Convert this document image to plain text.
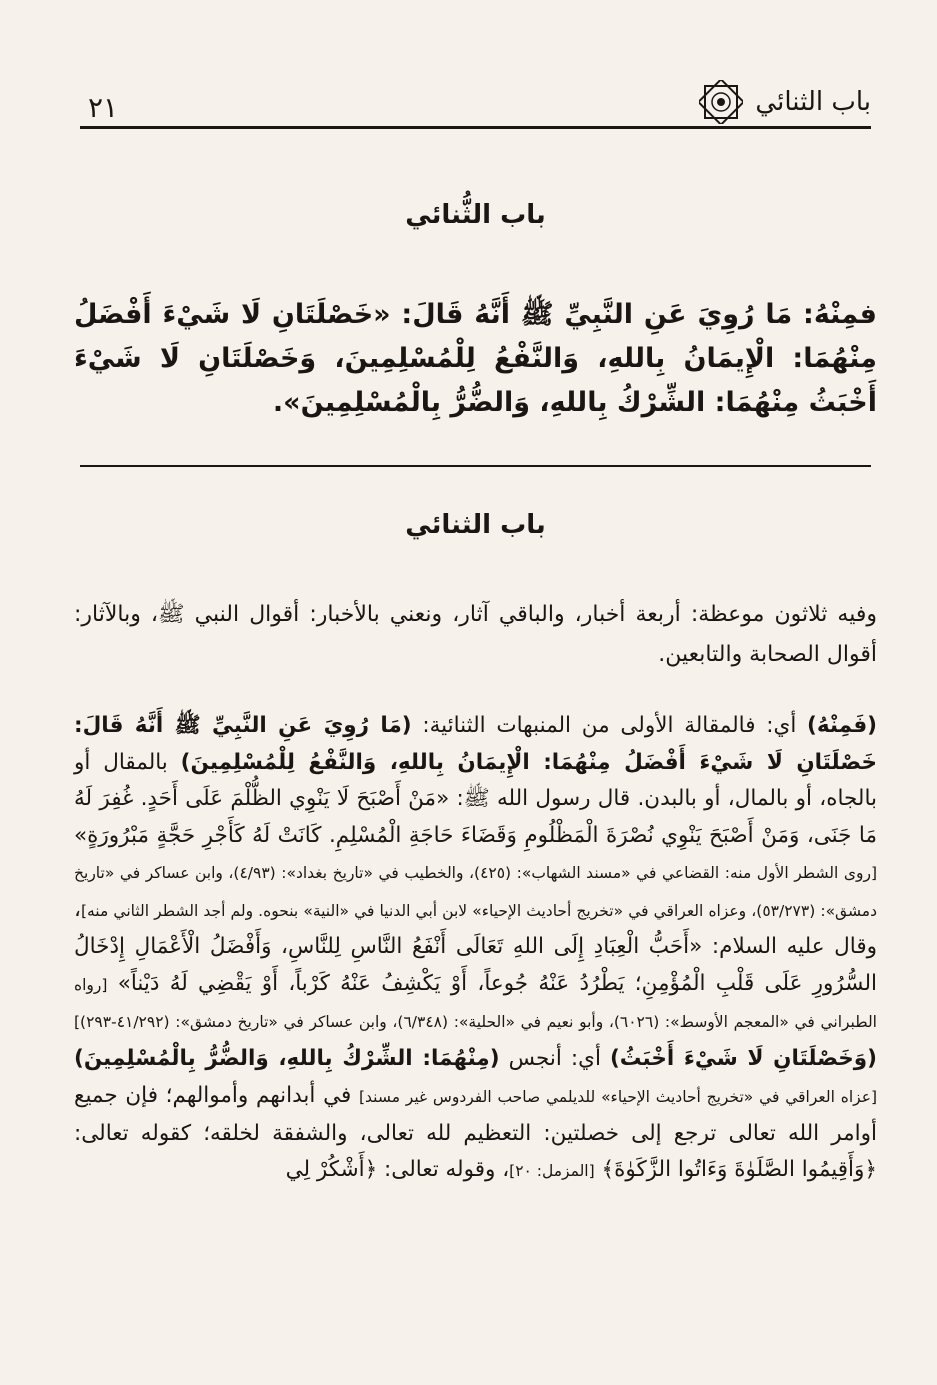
باب الثنائي
٢١
باب الثُّنائي
فمِنْهُ: مَا رُوِيَ عَنِ النَّبِيِّ ﷺ أَنَّهُ قَالَ: «خَصْلَتَانِ لَا شَيْءَ أَفْضَلُ مِنْهُمَا: الْإِيمَانُ بِاللهِ، وَالنَّفْعُ لِلْمُسْلِمِينَ، وَخَصْلَتَانِ لَا شَيْءَ أَخْبَثُ مِنْهُمَا: الشِّرْكُ بِاللهِ، وَالضُّرُّ بِالْمُسْلِمِينَ».
باب الثنائي
وفيه ثلاثون موعظة: أربعة أخبار، والباقي آثار، ونعني بالأخبار: أقوال النبي ﷺ، وبالآثار: أقوال الصحابة والتابعين.
(فَمِنْهُ) أي: فالمقالة الأولى من المنبهات الثنائية: (مَا رُوِيَ عَنِ النَّبِيِّ ﷺ أَنَّهُ قَالَ: خَصْلَتَانِ لَا شَيْءَ أَفْضَلُ مِنْهُمَا: الْإِيمَانُ بِاللهِ، وَالنَّفْعُ لِلْمُسْلِمِينَ) بالمقال أو بالجاه، أو بالمال، أو بالبدن. قال رسول الله ﷺ: «مَنْ أَصْبَحَ لَا يَنْوِي الظُّلْمَ عَلَى أَحَدٍ. غُفِرَ لَهُ مَا جَنَى، وَمَنْ أَصْبَحَ يَنْوِي نُصْرَةَ الْمَظْلُومِ وَقَضَاءَ حَاجَةِ الْمُسْلِمِ. كَانَتْ لَهُ كَأَجْرِ حَجَّةٍ مَبْرُورَةٍ» [روى الشطر الأول منه: القضاعي في «مسند الشهاب»: (٤٢٥)، والخطيب في «تاريخ بغداد»: (٤/٩٣)، وابن عساكر في «تاريخ دمشق»: (٥٣/٢٧٣)، وعزاه العراقي في «تخريج أحاديث الإحياء» لابن أبي الدنيا في «النية» بنحوه. ولم أجد الشطر الثاني منه]، وقال عليه السلام: «أَحَبُّ الْعِبَادِ إِلَى اللهِ تَعَالَى أَنْفَعُ النَّاسِ لِلنَّاسِ، وَأَفْضَلُ الْأَعْمَالِ إِدْخَالُ السُّرُورِ عَلَى قَلْبِ الْمُؤْمِنِ؛ يَطْرُدُ عَنْهُ جُوعاً، أَوْ يَكْشِفُ عَنْهُ كَرْباً، أَوْ يَقْضِي لَهُ دَيْناً» [رواه الطبراني في «المعجم الأوسط»: (٦٠٢٦)، وأبو نعيم في «الحلية»: (٦/٣٤٨)، وابن عساكر في «تاريخ دمشق»: (٤١/٢٩٢-٢٩٣)] (وَخَصْلَتَانِ لَا شَيْءَ أَخْبَثُ) أي: أنجس (مِنْهُمَا: الشِّرْكُ بِاللهِ، وَالضُّرُّ بِالْمُسْلِمِينَ) [عزاه العراقي في «تخريج أحاديث الإحياء» للديلمي صاحب الفردوس غير مسند] في أبدانهم وأموالهم؛ فإن جميع أوامر الله تعالى ترجع إلى خصلتين: التعظيم لله تعالى، والشفقة لخلقه؛ كقوله تعالى: ﴿وَأَقِيمُوا الصَّلَوٰةَ وَءَاتُوا الزَّكَوٰةَ﴾ [المزمل: ٢٠]، وقوله تعالى: ﴿أَشْكُرْ لِي
